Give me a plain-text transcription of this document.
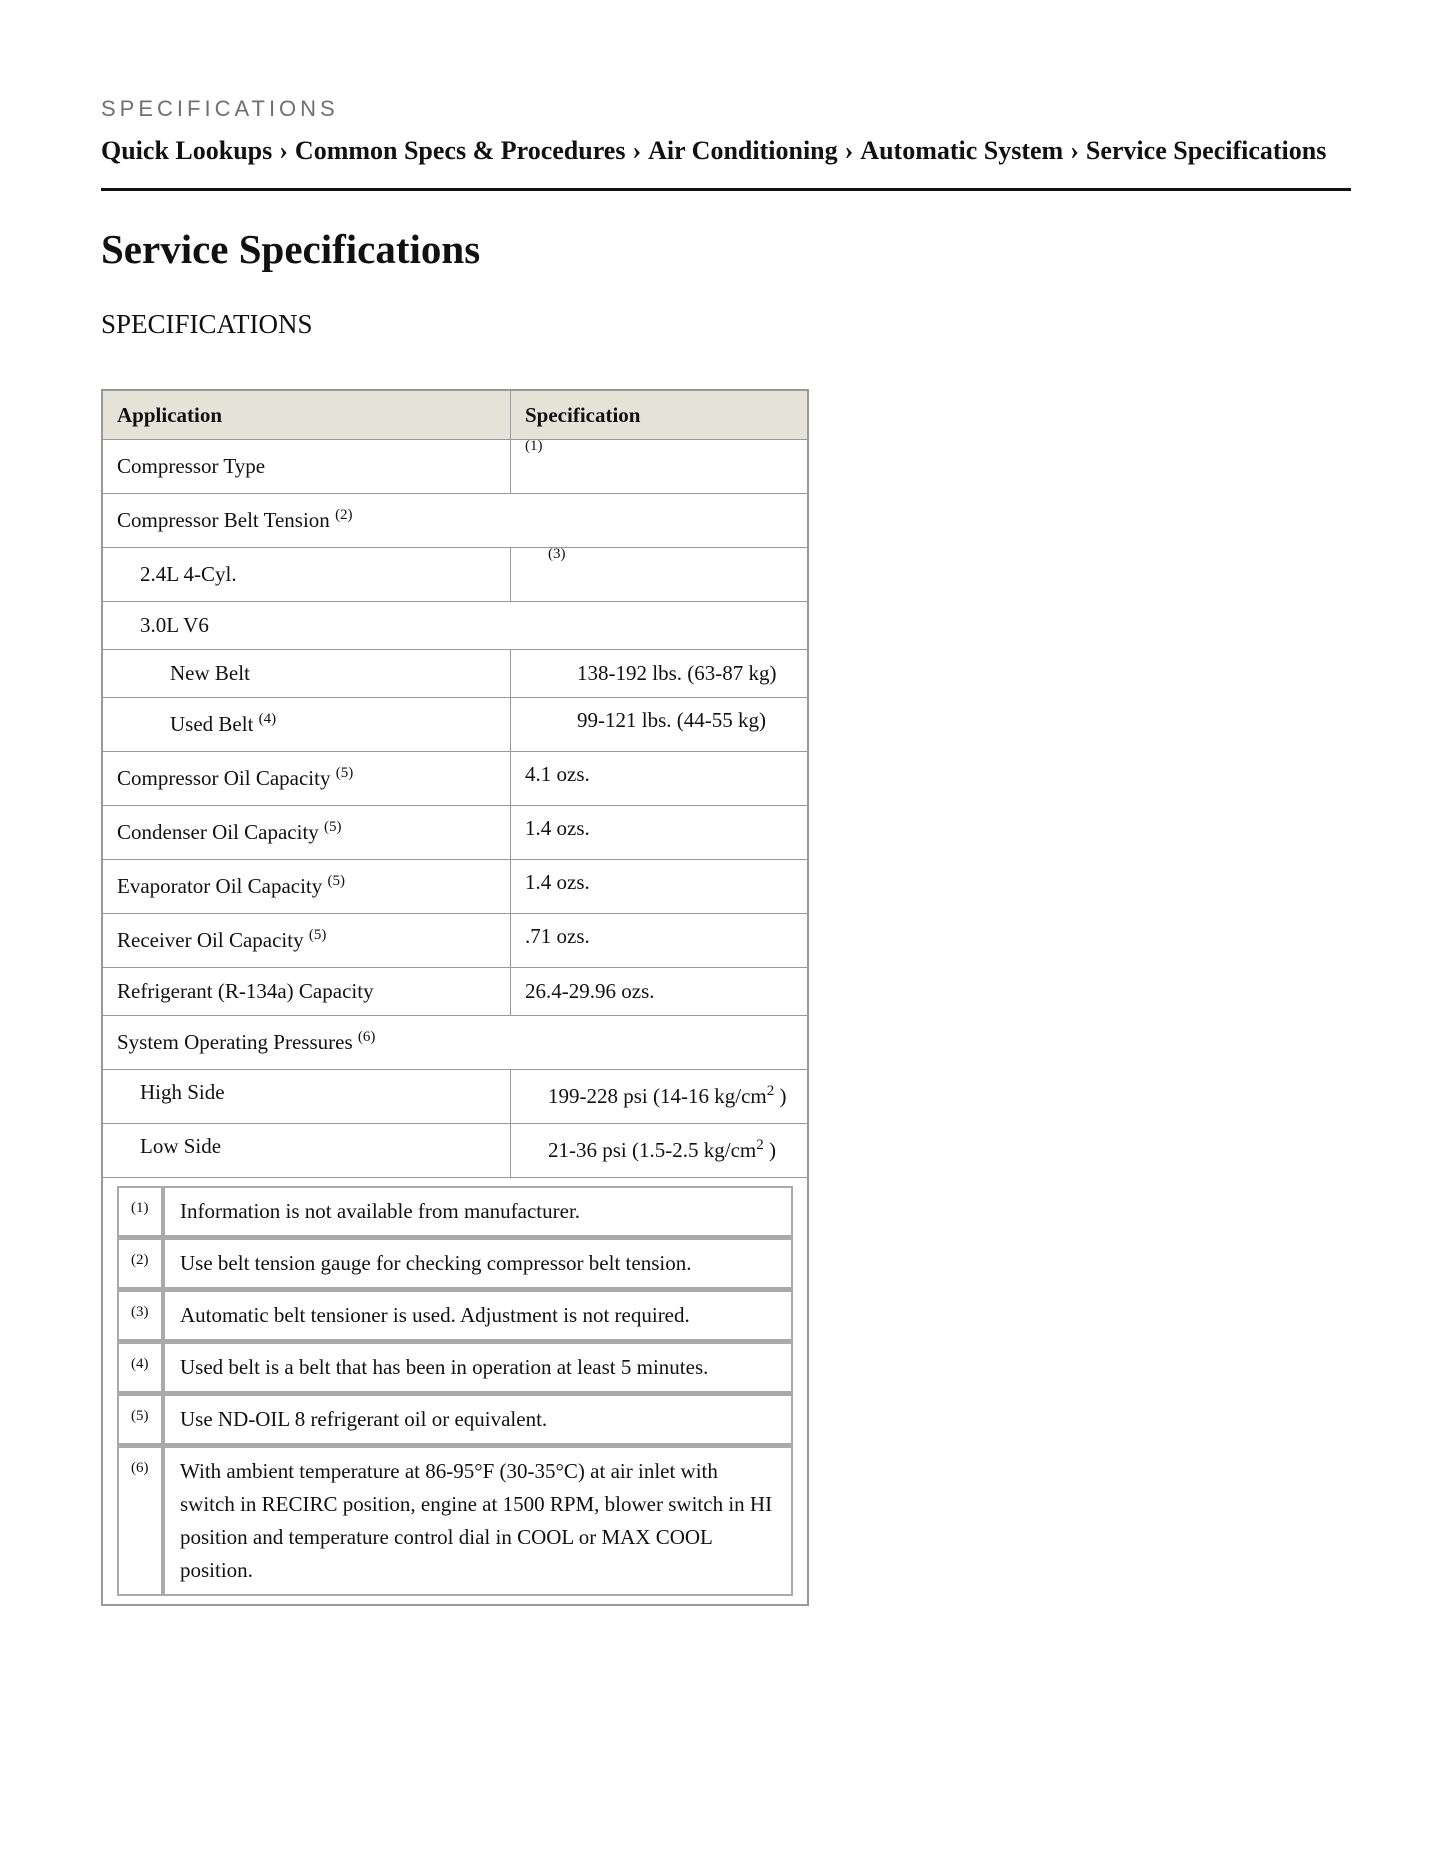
SPECIFICATIONS
Quick Lookups › Common Specs & Procedures › Air Conditioning › Automatic System › Service Specifications
Service Specifications
SPECIFICATIONS
Application	Specification
Compressor Type	(1)
Compressor Belt Tension $^{(2)}$
2.4L 4-Cyl.	(3)
3.0L V6
New Belt	138-192 lbs. (63-87 kg)
Used Belt $^{(4)}$	99-121 lbs. (44-55 kg)
Compressor Oil Capacity $^{(5)}$	4.1 ozs.
Condenser Oil Capacity $^{(5)}$	1.4 ozs.
Evaporator Oil Capacity $^{(5)}$	1.4 ozs.
Receiver Oil Capacity $^{(5)}$	.71 ozs.
Refrigerant (R-134a) Capacity	26.4-29.96 ozs.
System Operating Pressures $^{(6)}$
High Side	199-228 psi (14-16 $kg/cm^2$ )
Low Side	21-36 psi (1.5-2.5 $kg/cm^2$ )

(1)	Information is not available from manufacturer.
(2)	Use belt tension gauge for checking compressor belt tension.
(3)	Automatic belt tensioner is used. Adjustment is not required.
(4)	Used belt is a belt that has been in operation at least 5 minutes.
(5)	Use ND-OIL 8 refrigerant oil or equivalent.
(6)	With ambient temperature at 86-95°F (30-35°C) at air inlet with switch in RECIRC position, engine at 1500 RPM, blower switch in HI position and temperature control dial in COOL or MAX COOL position.
